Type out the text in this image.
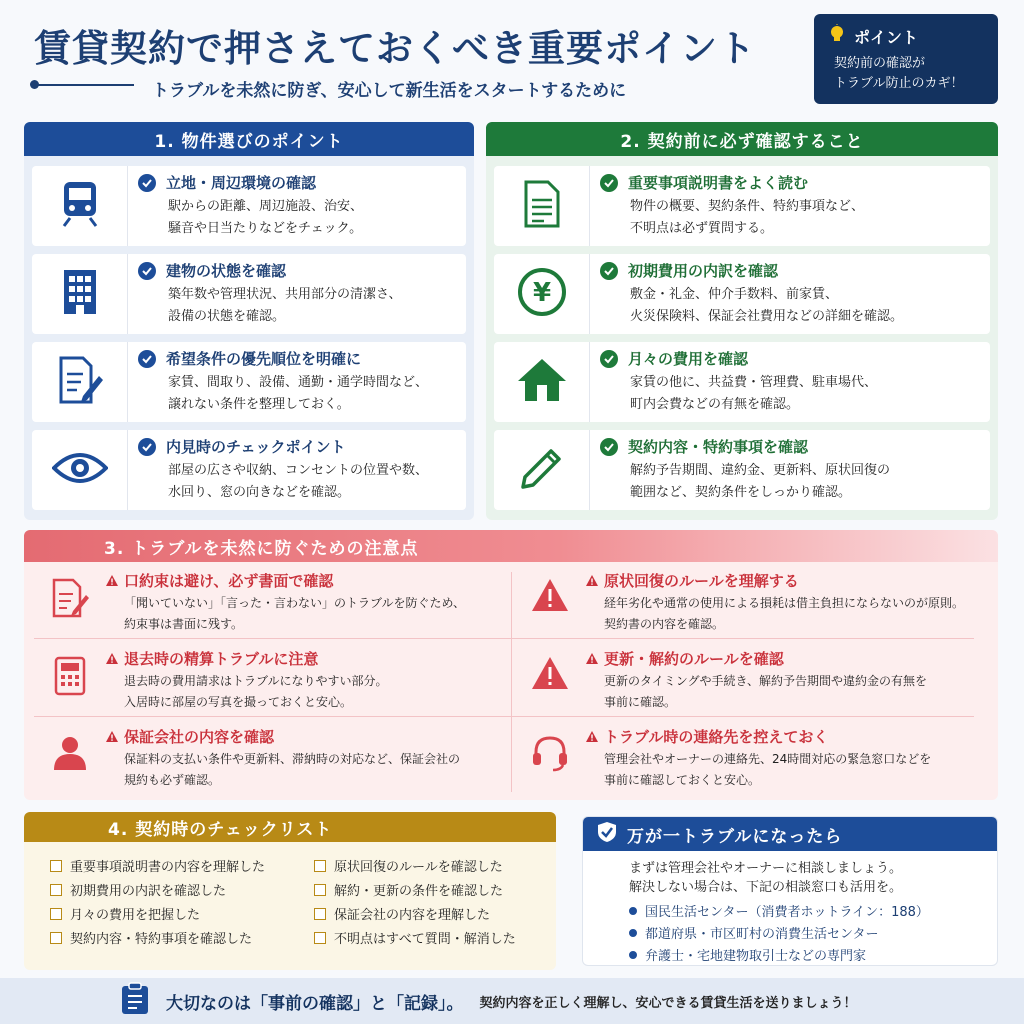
賃貸契約で押さえておくべき重要ポイント
トラブルを未然に防ぎ、安心して新生活をスタートするために
ポイント
契約前の確認が
トラブル防止のカギ！
1. 物件選びのポイント
立地・周辺環境の確認
駅からの距離、周辺施設、治安、
騒音や日当たりなどをチェック。
建物の状態を確認
築年数や管理状況、共用部分の清潔さ、
設備の状態を確認。
希望条件の優先順位を明確に
家賃、間取り、設備、通勤・通学時間など、
譲れない条件を整理しておく。
内見時のチェックポイント
部屋の広さや収納、コンセントの位置や数、
水回り、窓の向きなどを確認。
2. 契約前に必ず確認すること
重要事項説明書をよく読む
物件の概要、契約条件、特約事項など、
不明点は必ず質問する。
¥
初期費用の内訳を確認
敷金・礼金、仲介手数料、前家賃、
火災保険料、保証会社費用などの詳細を確認。
月々の費用を確認
家賃の他に、共益費・管理費、駐車場代、
町内会費などの有無を確認。
契約内容・特約事項を確認
解約予告期間、違約金、更新料、原状回復の
範囲など、契約条件をしっかり確認。
3. トラブルを未然に防ぐための注意点
口約束は避け、必ず書面で確認
「聞いていない」「言った・言わない」のトラブルを防ぐため、
約束事は書面に残す。
退去時の精算トラブルに注意
退去時の費用請求はトラブルになりやすい部分。
入居時に部屋の写真を撮っておくと安心。
保証会社の内容を確認
保証料の支払い条件や更新料、滞納時の対応など、保証会社の
規約も必ず確認。
原状回復のルールを理解する
経年劣化や通常の使用による損耗は借主負担にならないのが原則。
契約書の内容を確認。
更新・解約のルールを確認
更新のタイミングや手続き、解約予告期間や違約金の有無を
事前に確認。
トラブル時の連絡先を控えておく
管理会社やオーナーの連絡先、24時間対応の緊急窓口などを
事前に確認しておくと安心。
4. 契約時のチェックリスト
重要事項説明書の内容を理解した
初期費用の内訳を確認した
月々の費用を把握した
契約内容・特約事項を確認した
原状回復のルールを確認した
解約・更新の条件を確認した
保証会社の内容を理解した
不明点はすべて質問・解消した
万が一トラブルになったら
まずは管理会社やオーナーに相談しましょう。
解決しない場合は、下記の相談窓口も活用を。
国民生活センター（消費者ホットライン：188）
都道府県・市区町村の消費生活センター
弁護士・宅地建物取引士などの専門家
大切なのは「事前の確認」と「記録」。 契約内容を正しく理解し、安心できる賃貸生活を送りましょう！
